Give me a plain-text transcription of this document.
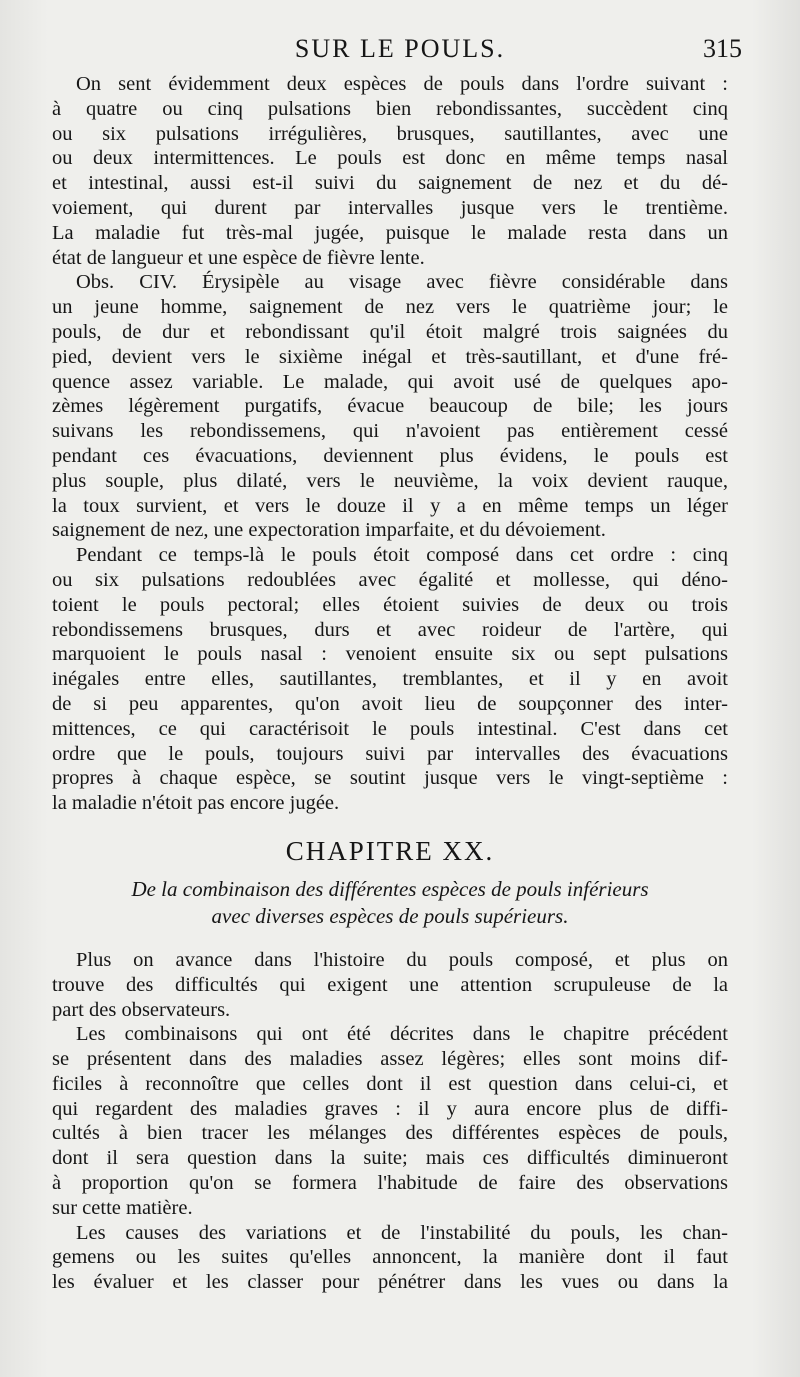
SUR LE POULS.	315
On sent évidemment deux espèces de pouls dans l'ordre suivant :
à quatre ou cinq pulsations bien rebondissantes, succèdent cinq
ou six pulsations irrégulières, brusques, sautillantes, avec une
ou deux intermittences. Le pouls est donc en même temps nasal
et intestinal, aussi est-il suivi du saignement de nez et du dé-
voiement, qui durent par intervalles jusque vers le trentième.
La maladie fut très-mal jugée, puisque le malade resta dans un
état de langueur et une espèce de fièvre lente.
Obs. CIV. Érysipèle au visage avec fièvre considérable dans
un jeune homme, saignement de nez vers le quatrième jour; le
pouls, de dur et rebondissant qu'il étoit malgré trois saignées du
pied, devient vers le sixième inégal et très-sautillant, et d'une fré-
quence assez variable. Le malade, qui avoit usé de quelques apo-
zèmes légèrement purgatifs, évacue beaucoup de bile; les jours
suivans les rebondissemens, qui n'avoient pas entièrement cessé
pendant ces évacuations, deviennent plus évidens, le pouls est
plus souple, plus dilaté, vers le neuvième, la voix devient rauque,
la toux survient, et vers le douze il y a en même temps un léger
saignement de nez, une expectoration imparfaite, et du dévoiement.
Pendant ce temps-là le pouls étoit composé dans cet ordre : cinq
ou six pulsations redoublées avec égalité et mollesse, qui déno-
toient le pouls pectoral; elles étoient suivies de deux ou trois
rebondissemens brusques, durs et avec roideur de l'artère, qui
marquoient le pouls nasal : venoient ensuite six ou sept pulsations
inégales entre elles, sautillantes, tremblantes, et il y en avoit
de si peu apparentes, qu'on avoit lieu de soupçonner des inter-
mittences, ce qui caractérisoit le pouls intestinal. C'est dans cet
ordre que le pouls, toujours suivi par intervalles des évacuations
propres à chaque espèce, se soutint jusque vers le vingt-septième :
la maladie n'étoit pas encore jugée.
CHAPITRE XX.
De la combinaison des différentes espèces de pouls inférieurs
avec diverses espèces de pouls supérieurs.
Plus on avance dans l'histoire du pouls composé, et plus on
trouve des difficultés qui exigent une attention scrupuleuse de la
part des observateurs.
Les combinaisons qui ont été décrites dans le chapitre précédent
se présentent dans des maladies assez légères; elles sont moins dif-
ficiles à reconnoître que celles dont il est question dans celui-ci, et
qui regardent des maladies graves : il y aura encore plus de diffi-
cultés à bien tracer les mélanges des différentes espèces de pouls,
dont il sera question dans la suite; mais ces difficultés diminueront
à proportion qu'on se formera l'habitude de faire des observations
sur cette matière.
Les causes des variations et de l'instabilité du pouls, les chan-
gemens ou les suites qu'elles annoncent, la manière dont il faut
les évaluer et les classer pour pénétrer dans les vues ou dans la
